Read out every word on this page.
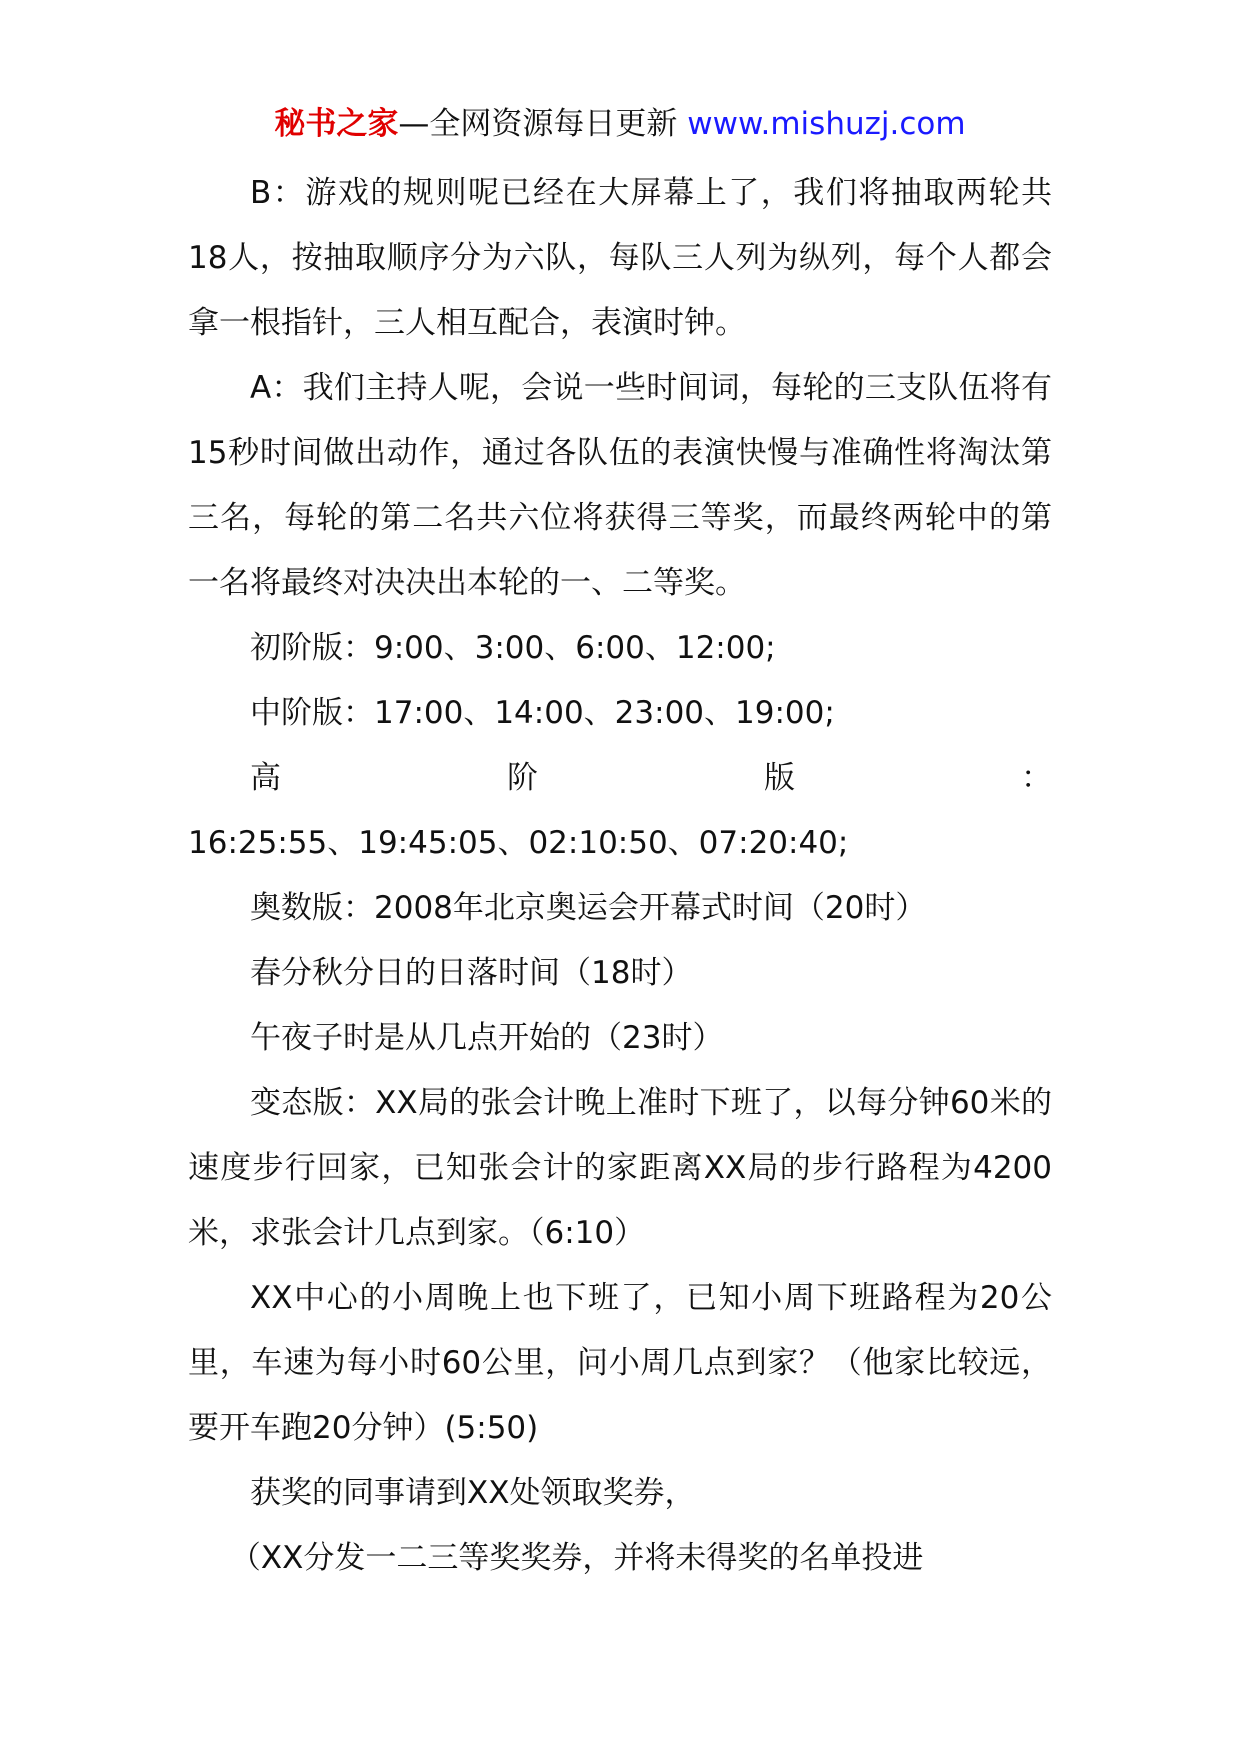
秘书之家—全网资源每日更新 www.mishuzj.com

B：游戏的规则呢已经在大屏幕上了，我们将抽取两轮共18人，按抽取顺序分为六队，每队三人列为纵列，每个人都会拿一根指针，三人相互配合，表演时钟。

A：我们主持人呢，会说一些时间词，每轮的三支队伍将有15秒时间做出动作，通过各队伍的表演快慢与准确性将淘汰第三名，每轮的第二名共六位将获得三等奖，而最终两轮中的第一名将最终对决决出本轮的一、二等奖。

初阶版：9:00、3:00、6:00、12:00;

中阶版：17:00、14:00、23:00、19:00;

高阶版：

16:25:55、19:45:05、02:10:50、07:20:40;

奥数版：2008年北京奥运会开幕式时间（20时）

春分秋分日的日落时间（18时）

午夜子时是从几点开始的（23时）

变态版：XX局的张会计晚上准时下班了，以每分钟60米的速度步行回家，已知张会计的家距离XX局的步行路程为4200米，求张会计几点到家。（6:10）

XX中心的小周晚上也下班了，已知小周下班路程为20公里，车速为每小时60公里，问小周几点到家？（他家比较远，要开车跑20分钟）(5:50)

获奖的同事请到XX处领取奖券，

（XX分发一二三等奖奖券，并将未得奖的名单投进
